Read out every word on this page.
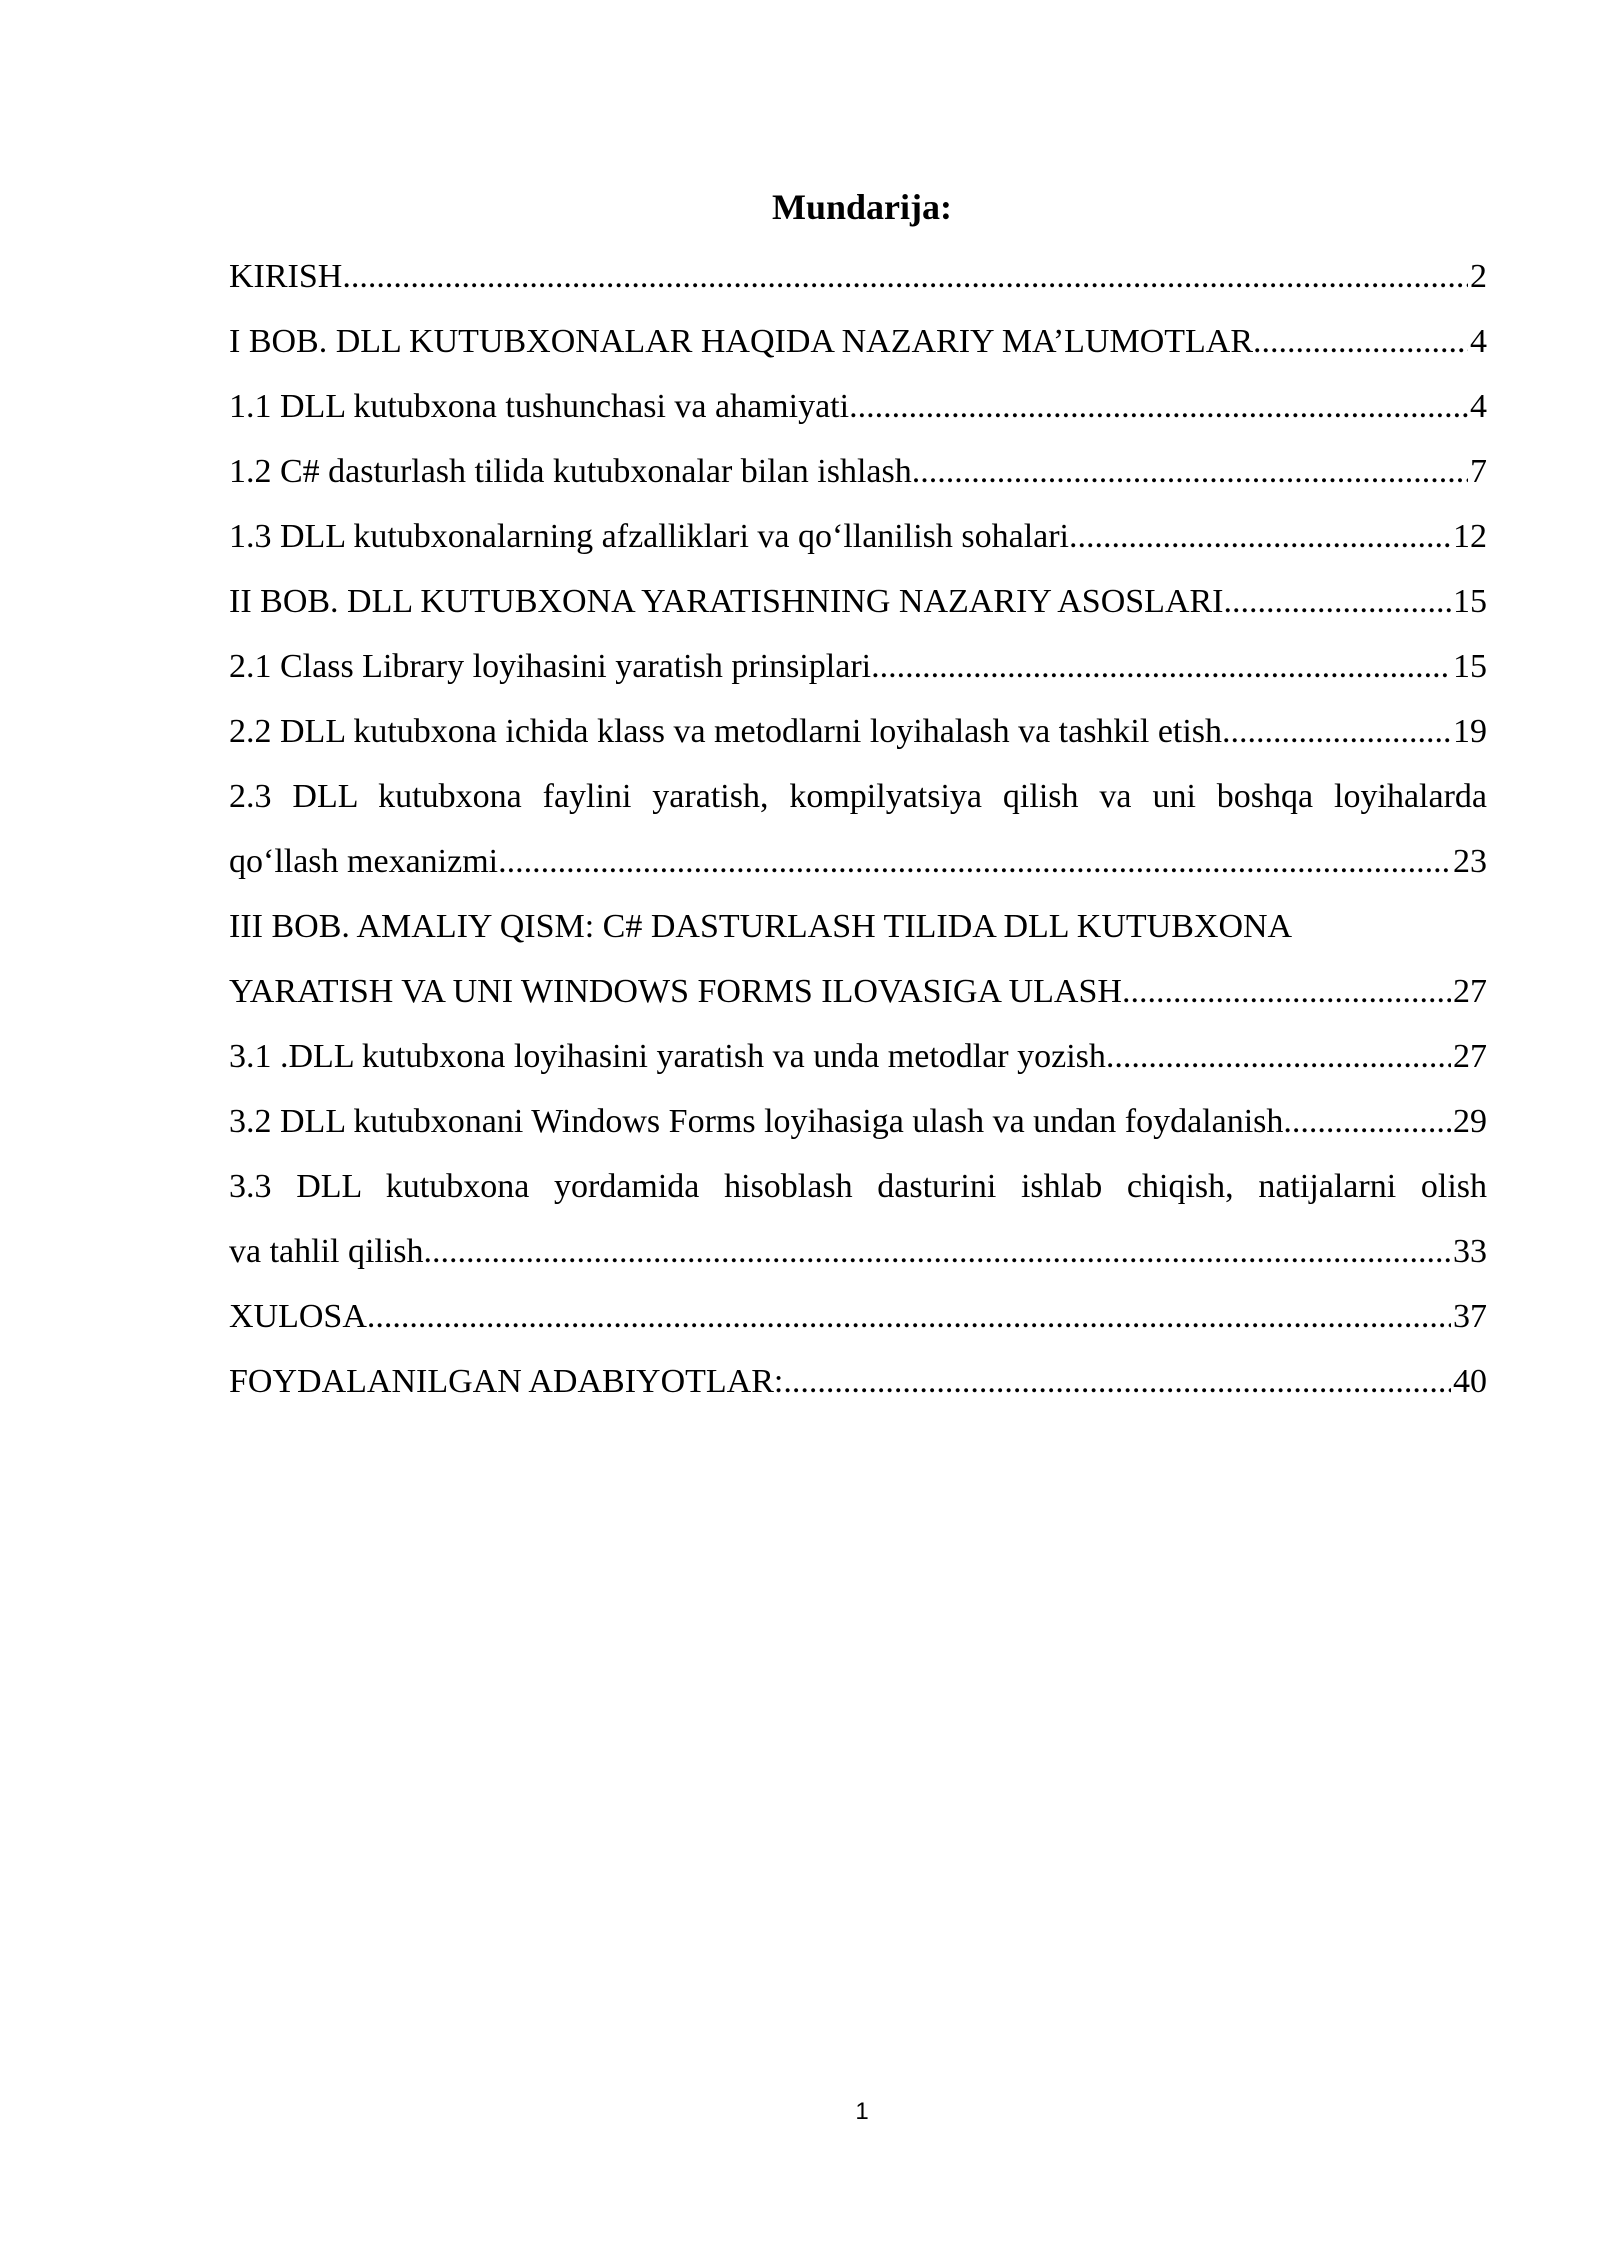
Mundarija:
KIRISH .....	2
I BOB. DLL KUTUBXONALAR HAQIDA NAZARIY MA’LUMOTLAR .....	4
1.1 DLL kutubxona tushunchasi va ahamiyati .....	4
1.2 C# dasturlash tilida kutubxonalar bilan ishlash .....	7
1.3 DLL kutubxonalarning afzalliklari va qo‘llanilish sohalari .....	12
II BOB. DLL KUTUBXONA YARATISHNING NAZARIY ASOSLARI .....	15
2.1 Class Library loyihasini yaratish prinsiplari .....	15
2.2 DLL kutubxona ichida klass va metodlarni loyihalash va tashkil etish .....	19
2.3 DLL kutubxona faylini yaratish, kompilyatsiya qilish va uni boshqa loyihalarda
qo‘llash mexanizmi .....	23
III BOB. AMALIY QISM: C# DASTURLASH TILIDA DLL KUTUBXONA
YARATISH VA UNI WINDOWS FORMS ILOVASIGA ULASH .....	27
3.1 .DLL kutubxona loyihasini yaratish va unda metodlar yozish .....	27
3.2 DLL kutubxonani Windows Forms loyihasiga ulash va undan foydalanish .....	29
3.3 DLL kutubxona yordamida hisoblash dasturini ishlab chiqish, natijalarni olish
va tahlil qilish .....	33
XULOSA .....	37
FOYDALANILGAN ADABIYOTLAR: .....	40
1
